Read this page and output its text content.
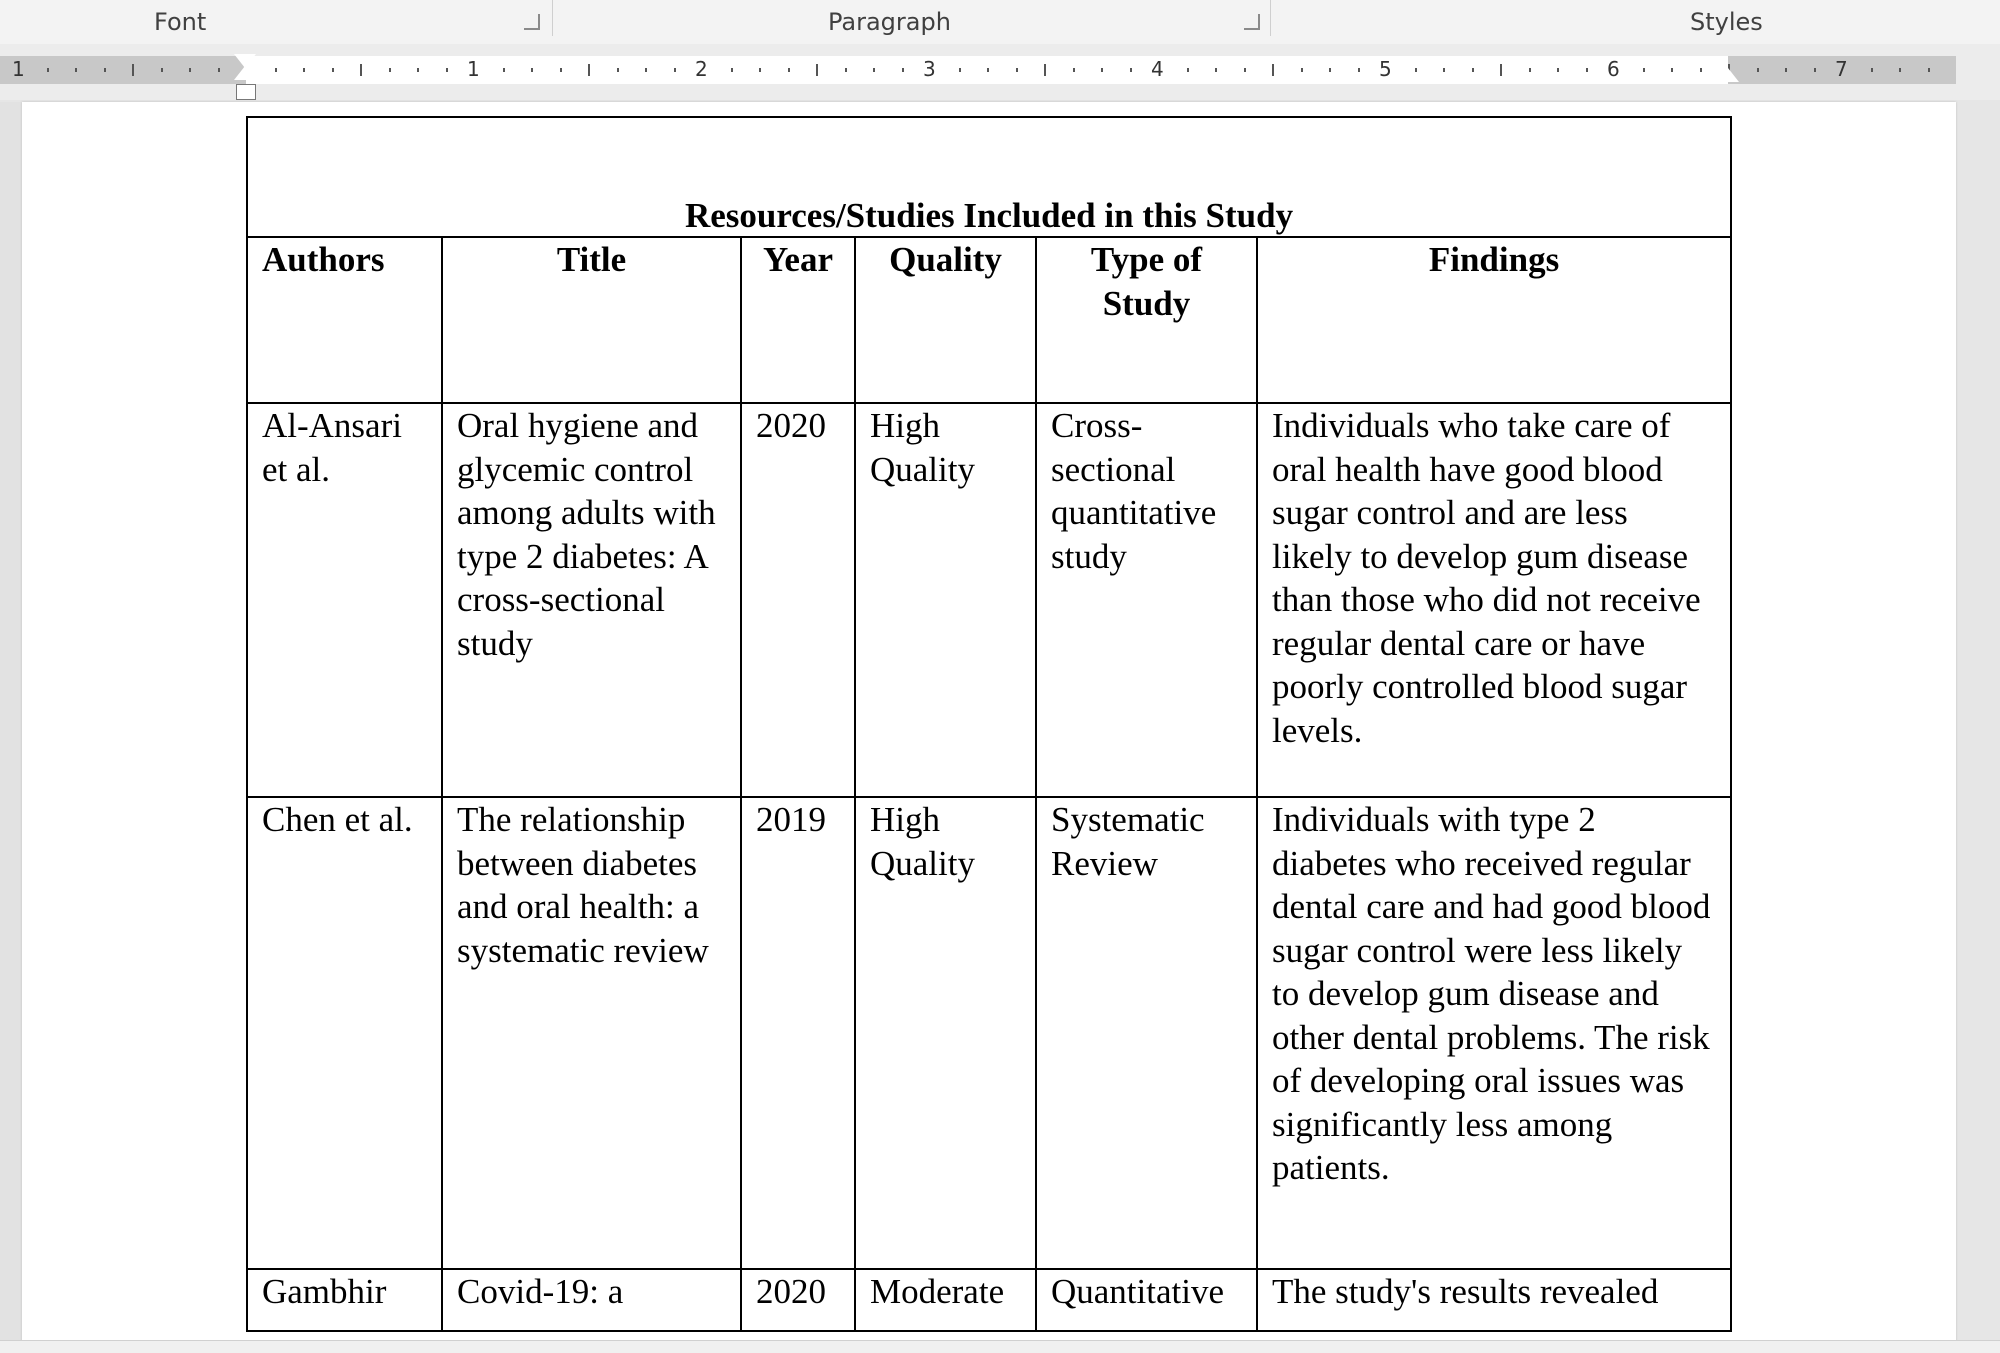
Font	Paragraph	Styles
1	1	2	3	4	5	6	7
Resources/Studies Included in this Study					
Authors	Title	Year	Quality	Type of Study	Findings
Al-Ansari et al.	Oral hygiene and glycemic control among adults with type 2 diabetes: A cross-sectional study	2020	High Quality	Cross-sectional quantitative study	Individuals who take care of oral health have good blood sugar control and are less likely to develop gum disease than those who did not receive regular dental care or have poorly controlled blood sugar levels.
Chen et al.	The relationship between diabetes and oral health: a systematic review	2019	High Quality	Systematic Review	Individuals with type 2 diabetes who received regular dental care and had good blood sugar control were less likely to develop gum disease and other dental problems. The risk of developing oral issues was significantly less among patients.
Gambhir	Covid-19: a	2020	Moderate	Quantitative	The study's results revealed
